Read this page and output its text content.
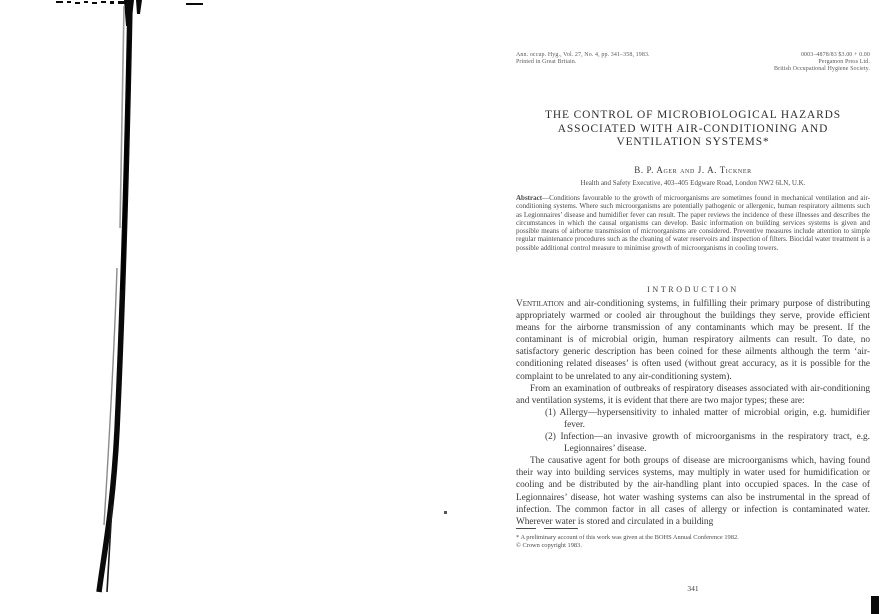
Ann. occup. Hyg., Vol. 27, No. 4, pp. 341–358, 1983.
Printed in Great Britain.
0003–4878/83 $3.00 + 0.00
Pergamon Press Ltd.
British Occupational Hygiene Society.
THE CONTROL OF MICROBIOLOGICAL HAZARDS
ASSOCIATED WITH AIR-CONDITIONING AND
VENTILATION SYSTEMS*
B. P. Ager and J. A. Tickner
Health and Safety Executive, 403–405 Edgware Road, London NW2 6LN, U.K.
Abstract—Conditions favourable to the growth of microorganisms are sometimes found in mechanical ventilation and air-conditioning systems. Where such microorganisms are potentially pathogenic or allergenic, human respiratory ailments such as Legionnaires’ disease and humidifier fever can result. The paper reviews the incidence of these illnesses and describes the circumstances in which the causal organisms can develop. Basic information on building services systems is given and possible means of airborne transmission of microorganisms are considered. Preventive measures include attention to simple regular maintenance procedures such as the cleaning of water reservoirs and inspection of filters. Biocidal water treatment is a possible additional control measure to minimise growth of microorganisms in cooling towers.
INTRODUCTION

Ventilation and air-conditioning systems, in fulfilling their primary purpose of distributing appropriately warmed or cooled air throughout the buildings they serve, provide efficient means for the airborne transmission of any contaminants which may be present. If the contaminant is of microbial origin, human respiratory ailments can result. To date, no satisfactory generic description has been coined for these ailments although the term ‘air-conditioning related diseases’ is often used (without great accuracy, as it is possible for the complaint to be unrelated to any air-conditioning system).

From an examination of outbreaks of respiratory diseases associated with air-conditioning and ventilation systems, it is evident that there are two major types; these are:

(1) Allergy—hypersensitivity to inhaled matter of microbial origin, e.g. humidifier fever.

(2) Infection—an invasive growth of microorganisms in the respiratory tract, e.g. Legionnaires’ disease.

The causative agent for both groups of disease are microorganisms which, having found their way into building services systems, may multiply in water used for humidification or cooling and be distributed by the air-handling plant into occupied spaces. In the case of Legionnaires’ disease, hot water washing systems can also be instrumental in the spread of infection. The common factor in all cases of allergy or infection is contaminated water. Wherever water is stored and circulated in a building

* A preliminary account of this work was given at the BOHS Annual Conference 1982.
© Crown copyright 1983.
341
